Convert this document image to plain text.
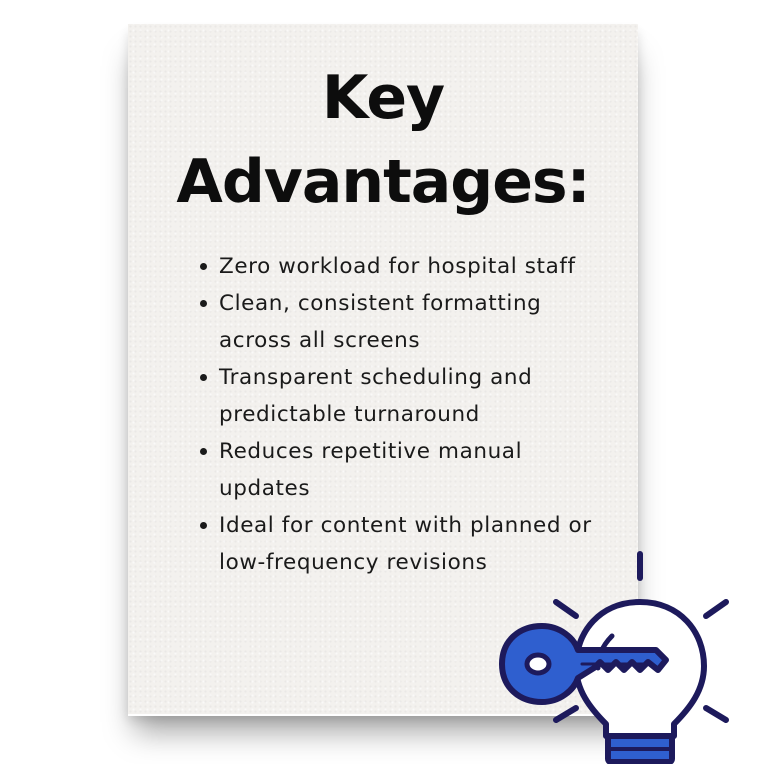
Key
Advantages:
Zero workload for hospital staff
Clean, consistent formatting across all screens
Transparent scheduling and predictable turnaround
Reduces repetitive manual updates
Ideal for content with planned or low-frequency revisions
